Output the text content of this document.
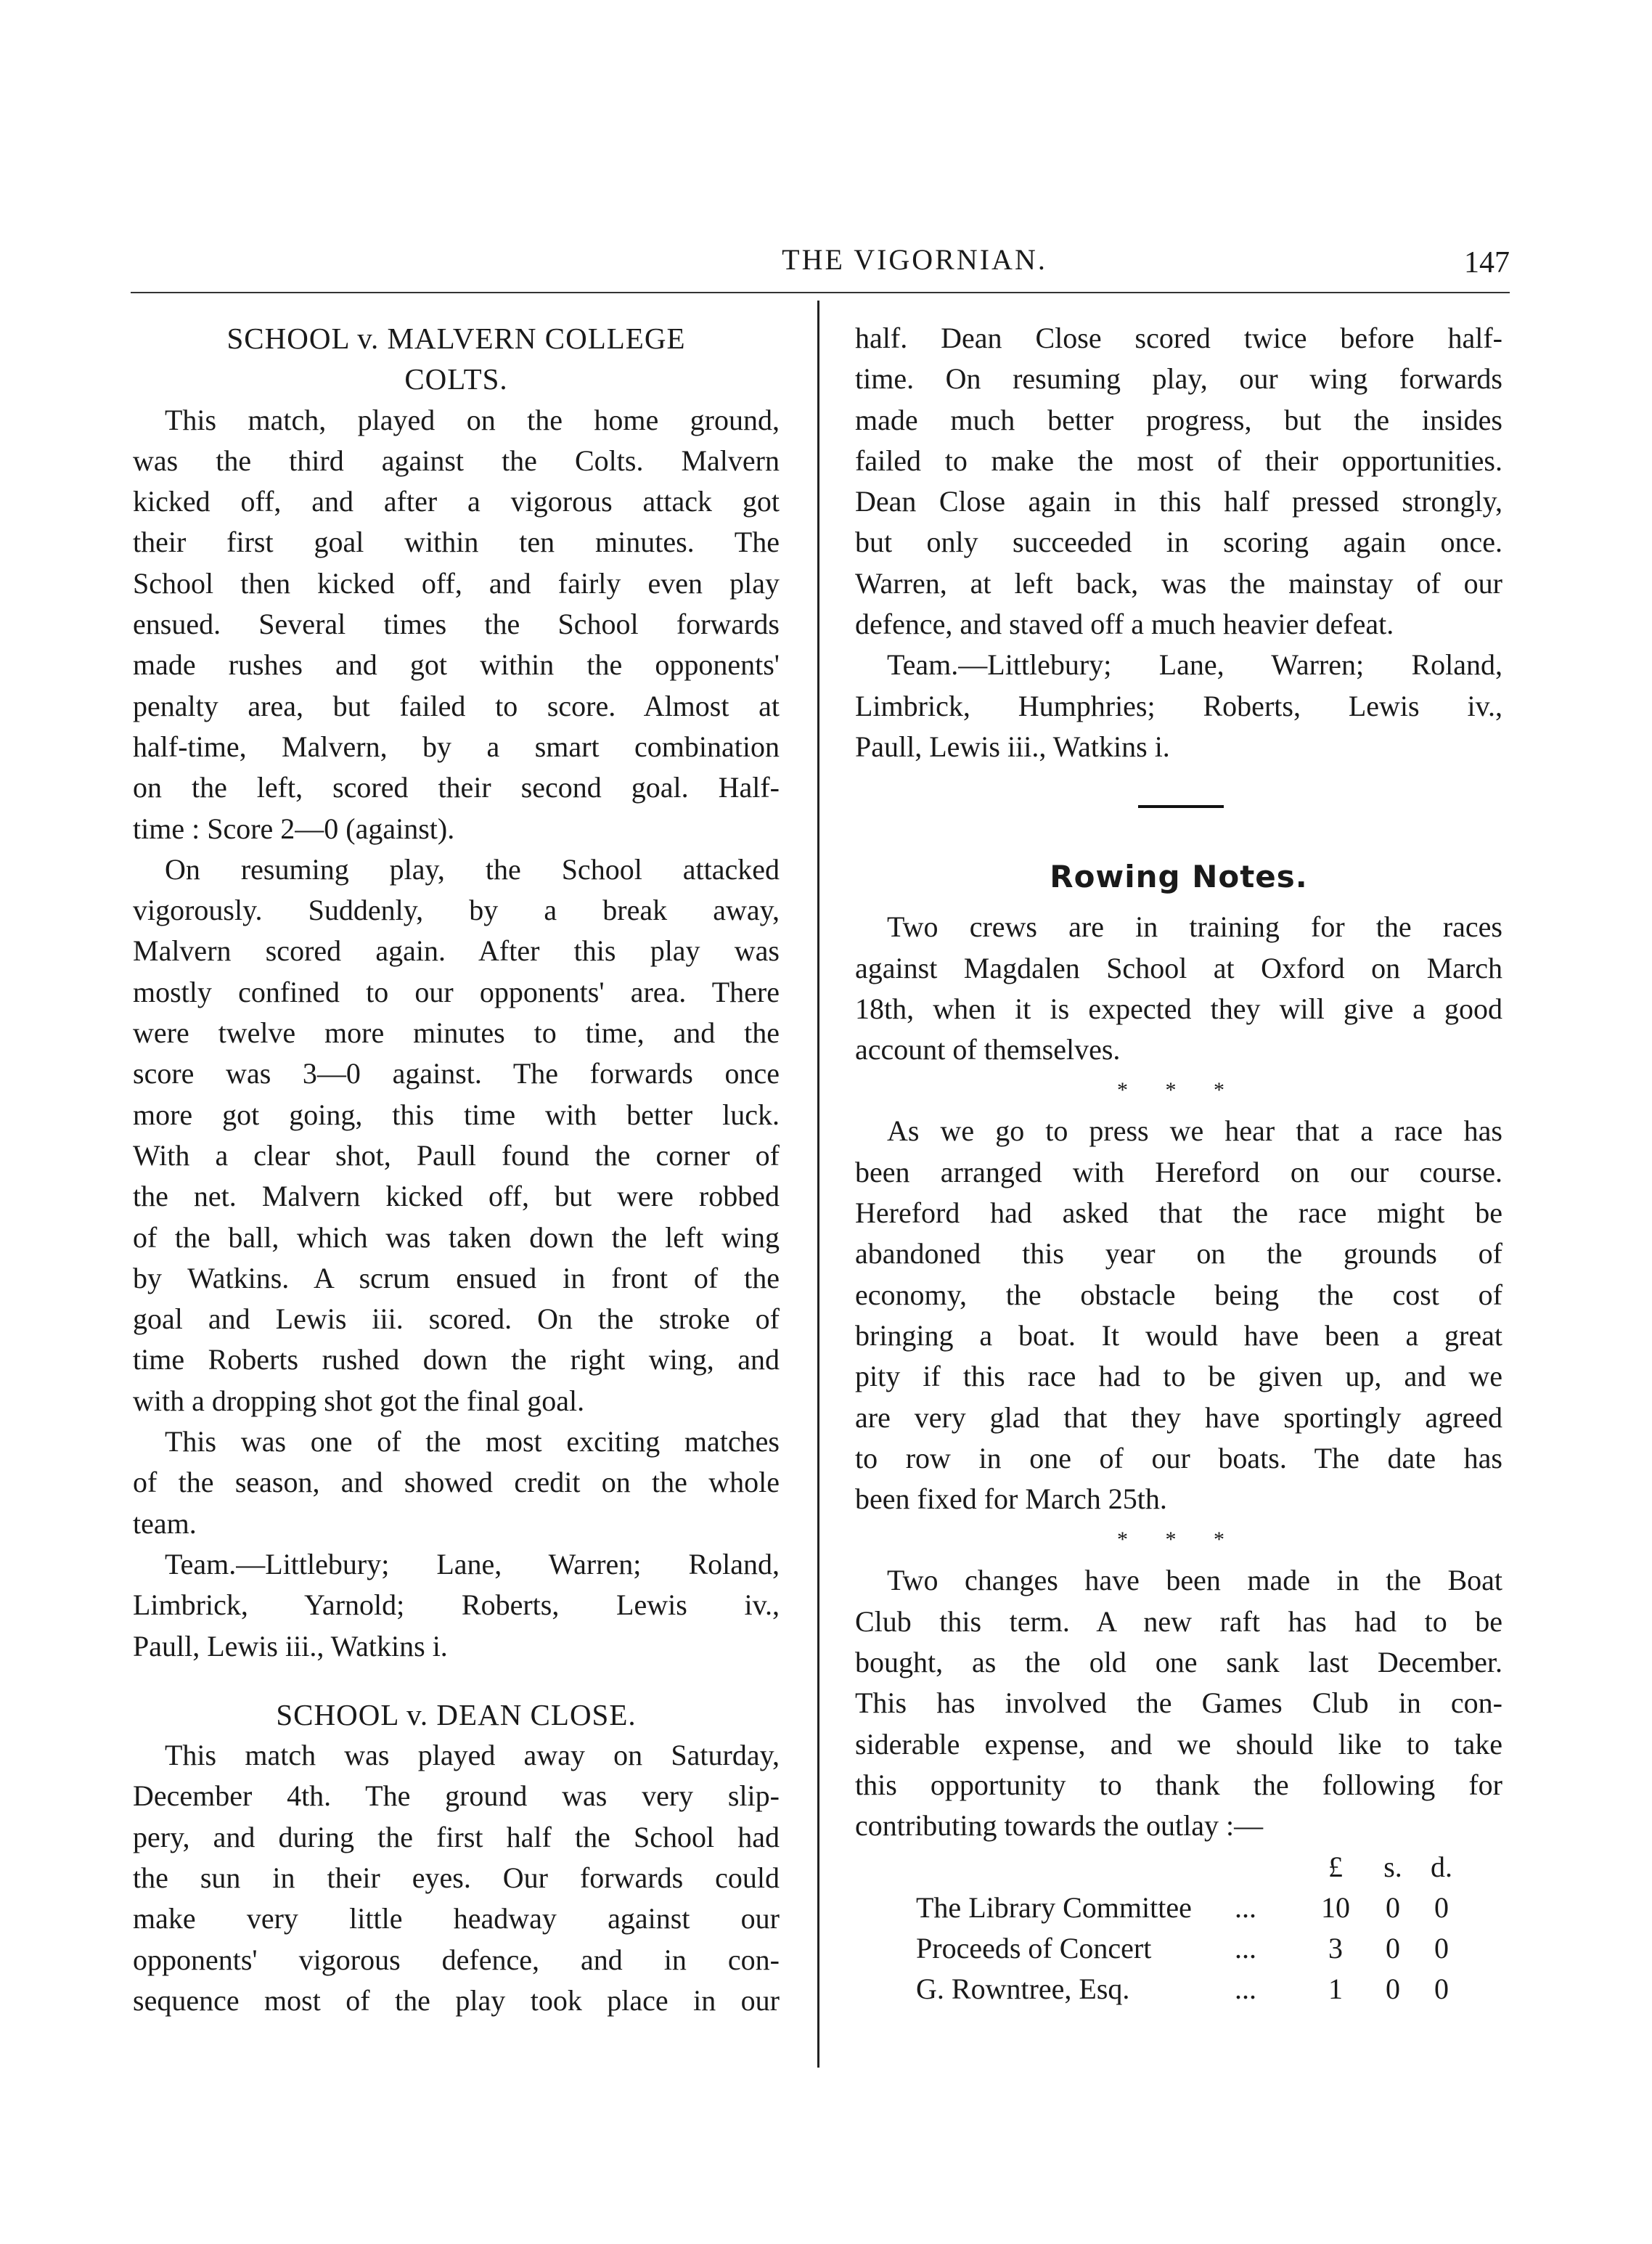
THE VIGORNIAN.	147
SCHOOL v. MALVERN COLLEGE
COLTS.
This match, played on the home ground,
was the third against the Colts. Malvern
kicked off, and after a vigorous attack got
their first goal within ten minutes. The
School then kicked off, and fairly even play
ensued. Several times the School forwards
made rushes and got within the opponents'
penalty area, but failed to score. Almost at
half-time, Malvern, by a smart combination
on the left, scored their second goal. Half-
time : Score 2—0 (against).
On resuming play, the School attacked
vigorously. Suddenly, by a break away,
Malvern scored again. After this play was
mostly confined to our opponents' area. There
were twelve more minutes to time, and the
score was 3—0 against. The forwards once
more got going, this time with better luck.
With a clear shot, Paull found the corner of
the net. Malvern kicked off, but were robbed
of the ball, which was taken down the left wing
by Watkins. A scrum ensued in front of the
goal and Lewis iii. scored. On the stroke of
time Roberts rushed down the right wing, and
with a dropping shot got the final goal.
This was one of the most exciting matches
of the season, and showed credit on the whole
team.
Team.—Littlebury; Lane, Warren; Roland,
Limbrick, Yarnold; Roberts, Lewis iv.,
Paull, Lewis iii., Watkins i.
SCHOOL v. DEAN CLOSE.
This match was played away on Saturday,
December 4th. The ground was very slip-
pery, and during the first half the School had
the sun in their eyes. Our forwards could
make very little headway against our
opponents' vigorous defence, and in con-
sequence most of the play took place in our
half. Dean Close scored twice before half-
time. On resuming play, our wing forwards
made much better progress, but the insides
failed to make the most of their opportunities.
Dean Close again in this half pressed strongly,
but only succeeded in scoring again once.
Warren, at left back, was the mainstay of our
defence, and staved off a much heavier defeat.
Team.—Littlebury; Lane, Warren; Roland,
Limbrick, Humphries; Roberts, Lewis iv.,
Paull, Lewis iii., Watkins i.
Rowing Notes.
Two crews are in training for the races
against Magdalen School at Oxford on March
18th, when it is expected they will give a good
account of themselves.
* * *
As we go to press we hear that a race has
been arranged with Hereford on our course.
Hereford had asked that the race might be
abandoned this year on the grounds of
economy, the obstacle being the cost of
bringing a boat. It would have been a great
pity if this race had to be given up, and we
are very glad that they have sportingly agreed
to row in one of our boats. The date has
been fixed for March 25th.
* * *
Two changes have been made in the Boat
Club this term. A new raft has had to be
bought, as the old one sank last December.
This has involved the Games Club in con-
siderable expense, and we should like to take
this opportunity to thank the following for
contributing towards the outlay :—
£	s. d.
The Library Committee ... 10	0	0
Proceeds of Concert	...	3	0	0
G. Rowntree, Esq.	...	1	0	0
